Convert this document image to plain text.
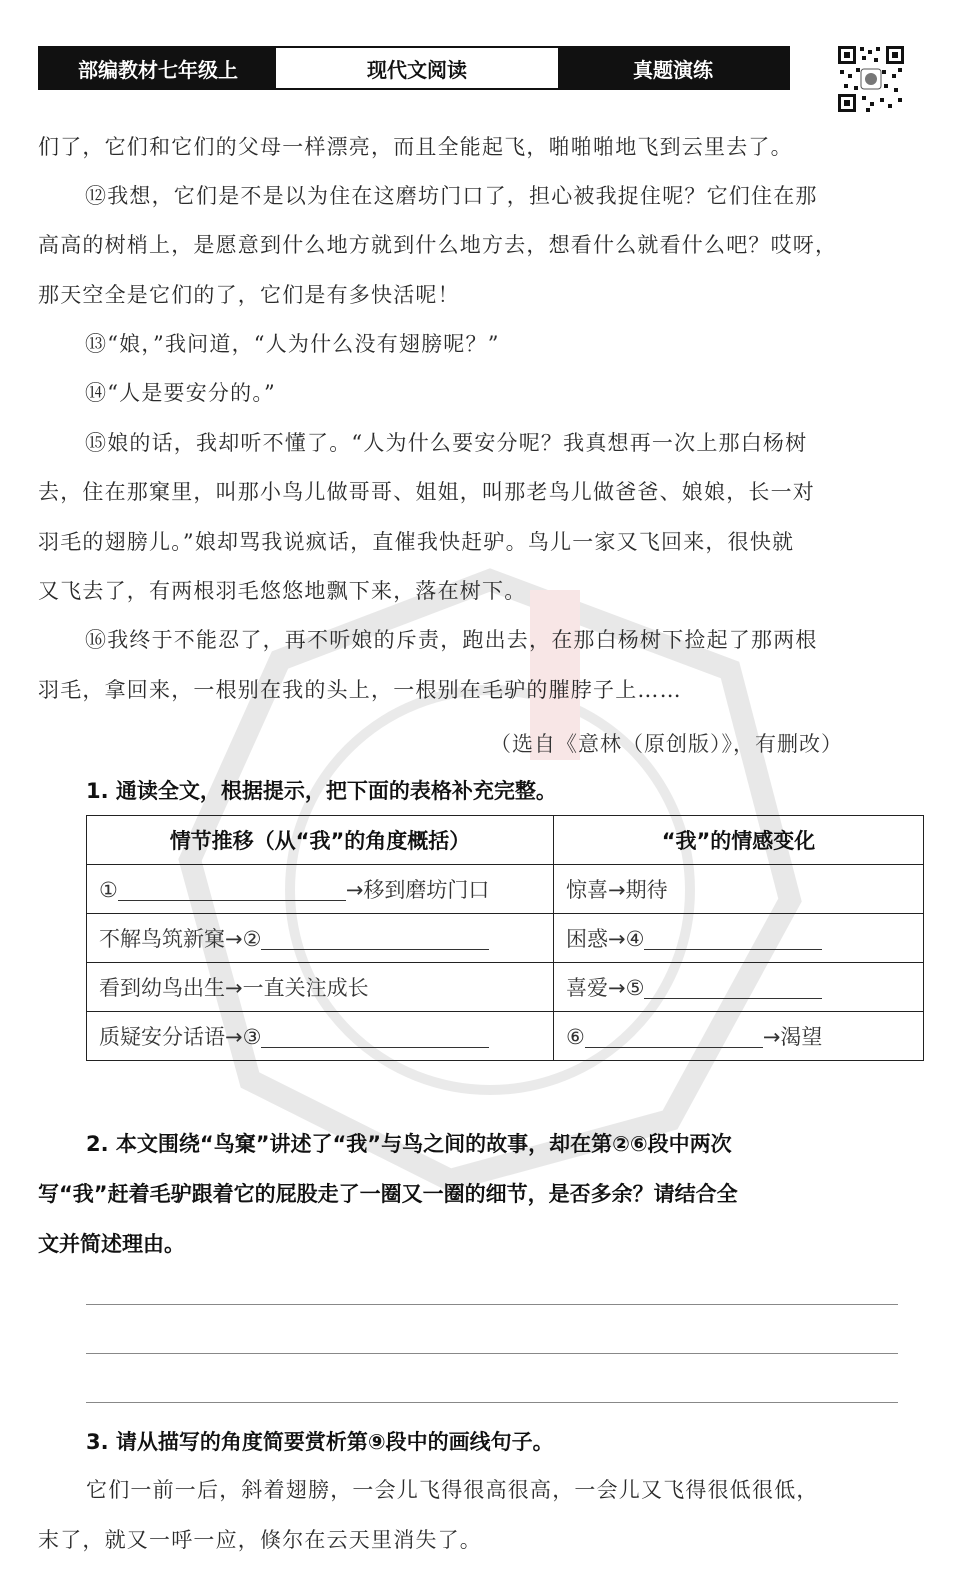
部编教材七年级上	现代文阅读	真题演练
们了，它们和它们的父母一样漂亮，而且全能起飞，啪啪啪地飞到云里去了。
⑫我想，它们是不是以为住在这磨坊门口了，担心被我捉住呢？它们住在那
高高的树梢上，是愿意到什么地方就到什么地方去，想看什么就看什么吧？哎呀，
那天空全是它们的了，它们是有多快活呢！
⑬“娘，”我问道，“人为什么没有翅膀呢？”
⑭“人是要安分的。”
⑮娘的话，我却听不懂了。“人为什么要安分呢？我真想再一次上那白杨树
去，住在那窠里，叫那小鸟儿做哥哥、姐姐，叫那老鸟儿做爸爸、娘娘，长一对
羽毛的翅膀儿。”娘却骂我说疯话，直催我快赶驴。鸟儿一家又飞回来，很快就
又飞去了，有两根羽毛悠悠地飘下来，落在树下。
⑯我终于不能忍了，再不听娘的斥责，跑出去，在那白杨树下捡起了那两根
羽毛，拿回来，一根别在我的头上，一根别在毛驴的膗脖子上……
（选自《意林（原创版）》，有删改）
1. 通读全文，根据提示，把下面的表格补充完整。
情节推移（从“我”的角度概括）	“我”的情感变化
① →移到磨坊门口	惊喜→期待
不解鸟筑新窠→②	困惑→④
看到幼鸟出生→一直关注成长	喜爱→⑤
质疑安分话语→③	⑥ →渴望
2. 本文围绕“鸟窠”讲述了“我”与鸟之间的故事，却在第②⑥段中两次
写“我”赶着毛驴跟着它的屁股走了一圈又一圈的细节，是否多余？请结合全
文并简述理由。
3. 请从描写的角度简要赏析第⑨段中的画线句子。
它们一前一后，斜着翅膀，一会儿飞得很高很高，一会儿又飞得很低很低，
末了，就又一呼一应，倏尔在云天里消失了。
